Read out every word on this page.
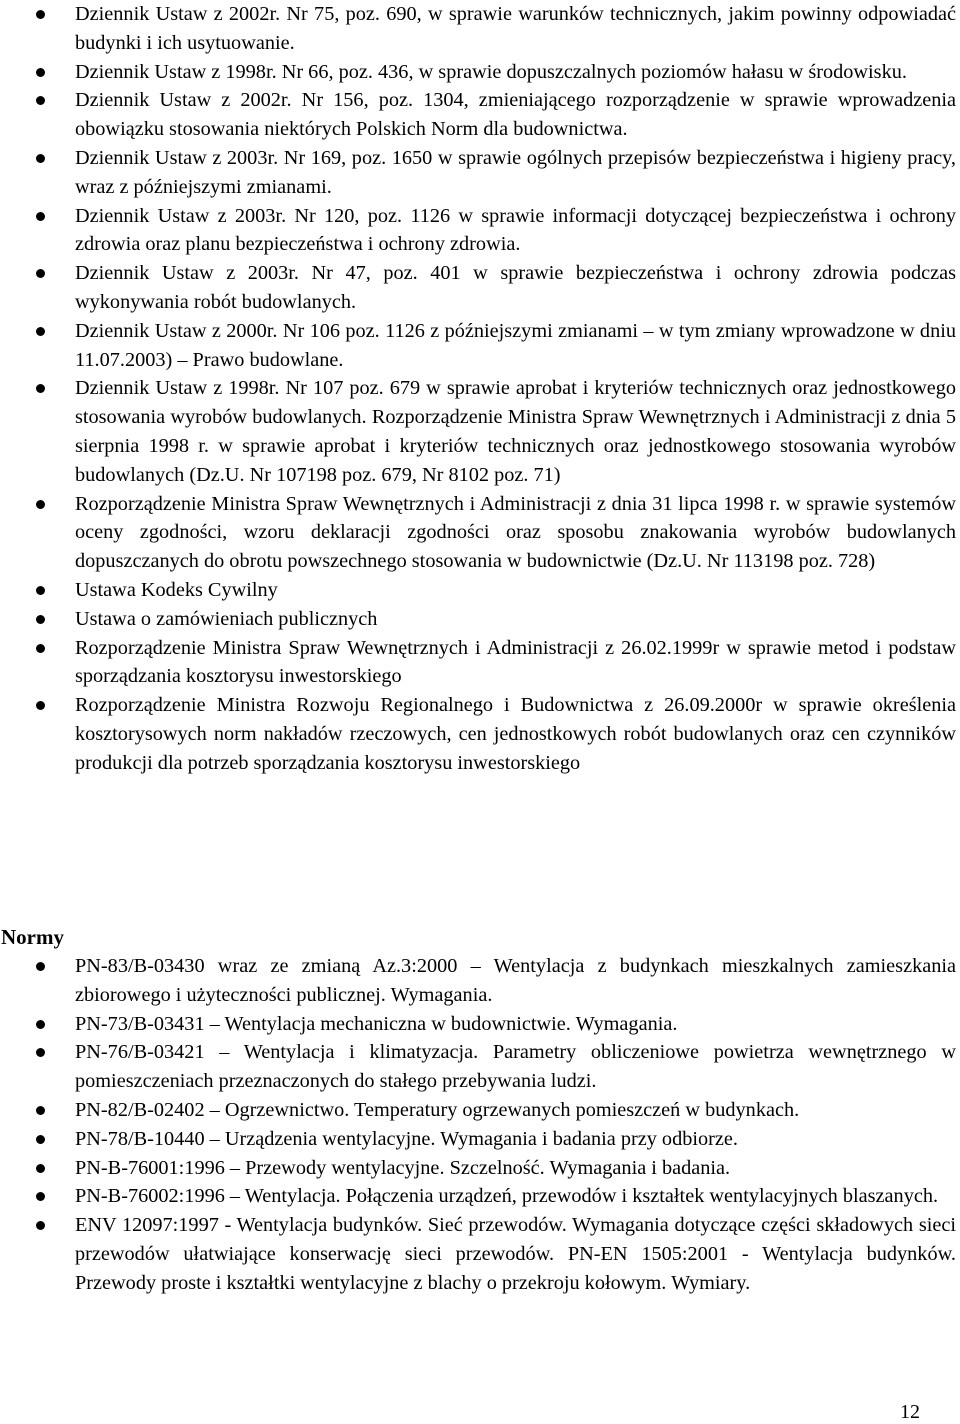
Dziennik Ustaw z 2002r. Nr 75, poz. 690, w sprawie warunków technicznych, jakim powinny odpowiadać budynki i ich usytuowanie.
Dziennik Ustaw z 1998r. Nr 66, poz. 436, w sprawie dopuszczalnych poziomów hałasu w środowisku.
Dziennik Ustaw z 2002r. Nr 156, poz. 1304, zmieniającego rozporządzenie w sprawie wprowadzenia obowiązku stosowania niektórych Polskich Norm dla budownictwa.
Dziennik Ustaw z 2003r. Nr 169, poz. 1650 w sprawie ogólnych przepisów bezpieczeństwa i higieny pracy, wraz z późniejszymi zmianami.
Dziennik Ustaw z 2003r. Nr 120, poz. 1126 w sprawie informacji dotyczącej bezpieczeństwa i ochrony zdrowia oraz planu bezpieczeństwa i ochrony zdrowia.
Dziennik Ustaw z 2003r. Nr 47, poz. 401 w sprawie bezpieczeństwa i ochrony zdrowia podczas wykonywania robót budowlanych.
Dziennik Ustaw z 2000r. Nr 106 poz. 1126 z późniejszymi zmianami – w tym zmiany wprowadzone w dniu 11.07.2003) – Prawo budowlane.
Dziennik Ustaw z 1998r. Nr 107 poz. 679 w sprawie aprobat i kryteriów technicznych oraz jednostkowego stosowania wyrobów budowlanych. Rozporządzenie Ministra Spraw Wewnętrznych i Administracji z dnia 5 sierpnia 1998 r. w sprawie aprobat i kryteriów technicznych oraz jednostkowego stosowania wyrobów budowlanych (Dz.U. Nr 107198 poz. 679, Nr 8102 poz. 71)
Rozporządzenie Ministra Spraw Wewnętrznych i Administracji z dnia 31 lipca 1998 r. w sprawie systemów oceny zgodności, wzoru deklaracji zgodności oraz sposobu znakowania wyrobów budowlanych dopuszczanych do obrotu powszechnego stosowania w budownictwie (Dz.U. Nr 113198 poz. 728)
Ustawa Kodeks Cywilny
Ustawa o zamówieniach publicznych
Rozporządzenie Ministra Spraw Wewnętrznych i Administracji z 26.02.1999r w sprawie metod i podstaw sporządzania kosztorysu inwestorskiego
Rozporządzenie Ministra Rozwoju Regionalnego i Budownictwa z 26.09.2000r w sprawie określenia kosztorysowych norm nakładów rzeczowych, cen jednostkowych robót budowlanych oraz cen czynników produkcji dla potrzeb sporządzania kosztorysu inwestorskiego
Normy
PN-83/B-03430 wraz ze zmianą Az.3:2000 – Wentylacja z budynkach mieszkalnych zamieszkania zbiorowego i użyteczności publicznej. Wymagania.
PN-73/B-03431 – Wentylacja mechaniczna w budownictwie. Wymagania.
PN-76/B-03421 – Wentylacja i klimatyzacja. Parametry obliczeniowe powietrza wewnętrznego w pomieszczeniach przeznaczonych do stałego przebywania ludzi.
PN-82/B-02402 – Ogrzewnictwo. Temperatury ogrzewanych pomieszczeń w budynkach.
PN-78/B-10440 – Urządzenia wentylacyjne. Wymagania i badania przy odbiorze.
PN-B-76001:1996 – Przewody wentylacyjne. Szczelność. Wymagania i badania.
PN-B-76002:1996 – Wentylacja. Połączenia urządzeń, przewodów i kształtek wentylacyjnych blaszanych.
ENV 12097:1997 - Wentylacja budynków. Sieć przewodów. Wymagania dotyczące części składowych sieci przewodów ułatwiające konserwację sieci przewodów. PN-EN 1505:2001 - Wentylacja budynków. Przewody proste i kształtki wentylacyjne z blachy o przekroju kołowym. Wymiary.
12
